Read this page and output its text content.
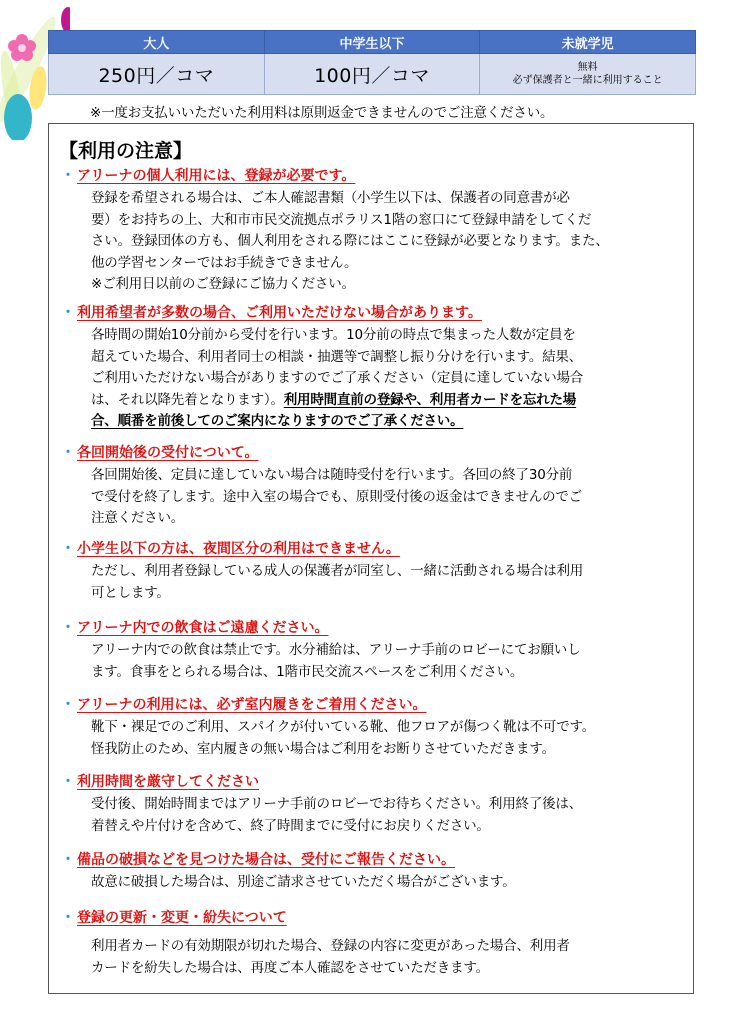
大人	中学生以下	未就学児
250円／コマ	100円／コマ	無料
必ず保護者と一緒に利用すること
※一度お支払いいただいた利用料は原則返金できませんのでご注意ください。
【利用の注意】
・ アリーナの個人利用には、登録が必要です。
登録を希望される場合は、ご本人確認書類（小学生以下は、保護者の同意書が必
要）をお持ちの上、大和市市民交流拠点ポラリス1階の窓口にて登録申請をしてくだ
さい。登録団体の方も、個人利用をされる際にはここに登録が必要となります。また、
他の学習センターではお手続きできません。
※ご利用日以前のご登録にご協力ください。
・ 利用希望者が多数の場合、ご利用いただけない場合があります。
各時間の開始10分前から受付を行います。10分前の時点で集まった人数が定員を
超えていた場合、利用者同士の相談・抽選等で調整し振り分けを行います。結果、
ご利用いただけない場合がありますのでご了承ください（定員に達していない場合
は、それ以降先着となります）。利用時間直前の登録や、利用者カードを忘れた場
合、順番を前後してのご案内になりますのでご了承ください。
・ 各回開始後の受付について。
各回開始後、定員に達していない場合は随時受付を行います。各回の終了30分前
で受付を終了します。途中入室の場合でも、原則受付後の返金はできませんのでご
注意ください。
・ 小学生以下の方は、夜間区分の利用はできません。
ただし、利用者登録している成人の保護者が同室し、一緒に活動される場合は利用
可とします。
・ アリーナ内での飲食はご遠慮ください。
アリーナ内での飲食は禁止です。水分補給は、アリーナ手前のロビーにてお願いし
ます。食事をとられる場合は、1階市民交流スペースをご利用ください。
・ アリーナの利用には、必ず室内履きをご着用ください。
靴下・裸足でのご利用、スパイクが付いている靴、他フロアが傷つく靴は不可です。
怪我防止のため、室内履きの無い場合はご利用をお断りさせていただきます。
・ 利用時間を厳守してください
受付後、開始時間まではアリーナ手前のロビーでお待ちください。利用終了後は、
着替えや片付けを含めて、終了時間までに受付にお戻りください。
・ 備品の破損などを見つけた場合は、受付にご報告ください。
故意に破損した場合は、別途ご請求させていただく場合がございます。
・ 登録の更新・変更・紛失について
利用者カードの有効期限が切れた場合、登録の内容に変更があった場合、利用者
カードを紛失した場合は、再度ご本人確認をさせていただきます。
